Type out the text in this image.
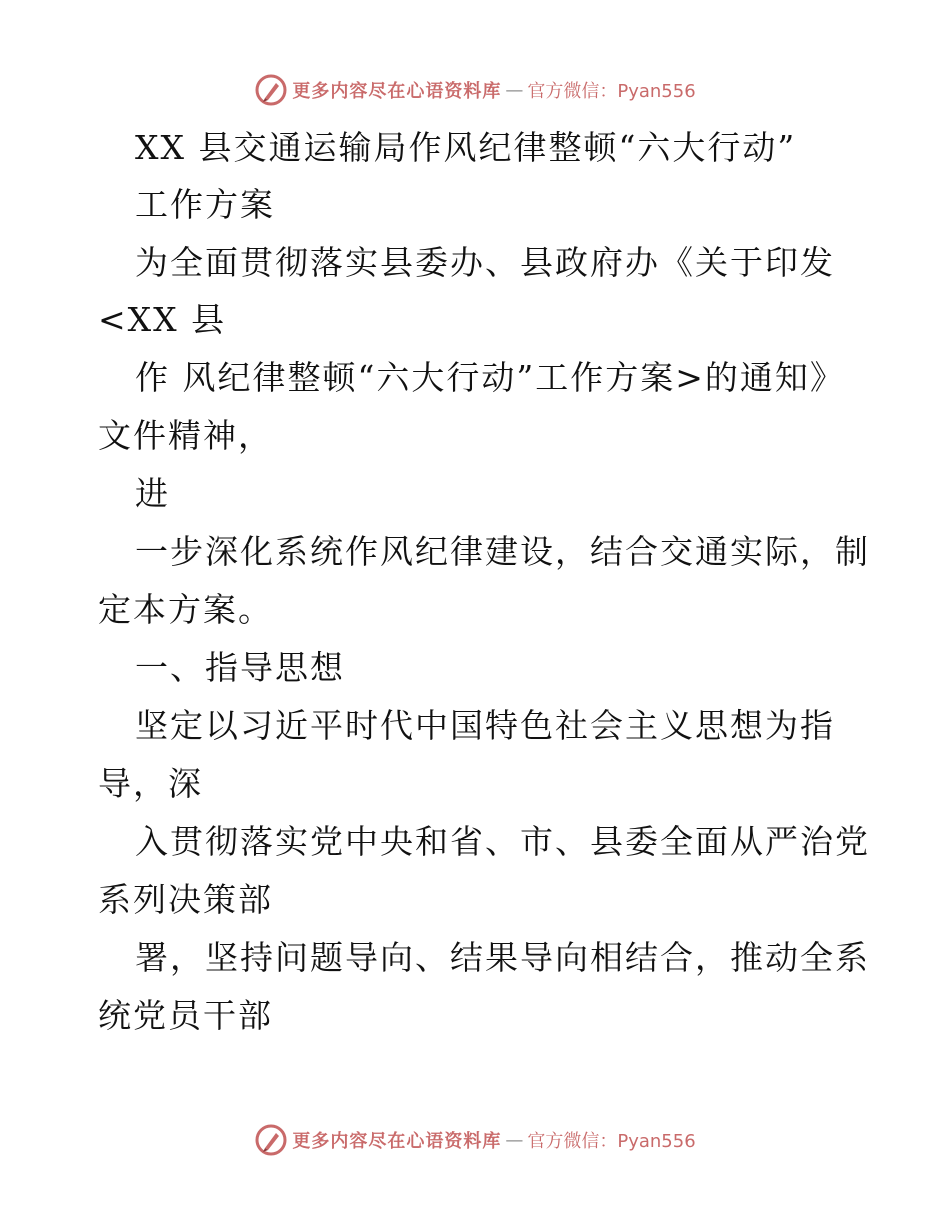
更多内容尽在心语资料库 — 官方微信：Pyan556
XX 县交通运输局作风纪律整顿“六大行动”
工作方案
为全面贯彻落实县委办、县政府办《关于印发
<XX 县
作 风纪律整顿“六大行动”工作方案>的通知》
文件精神，
进
一步深化系统作风纪律建设，结合交通实际，制
定本方案。
一、指导思想
坚定以习近平时代中国特色社会主义思想为指
导，深
入贯彻落实党中央和省、市、县委全面从严治党
系列决策部
署，坚持问题导向、结果导向相结合，推动全系
统党员干部
更多内容尽在心语资料库 — 官方微信：Pyan556
